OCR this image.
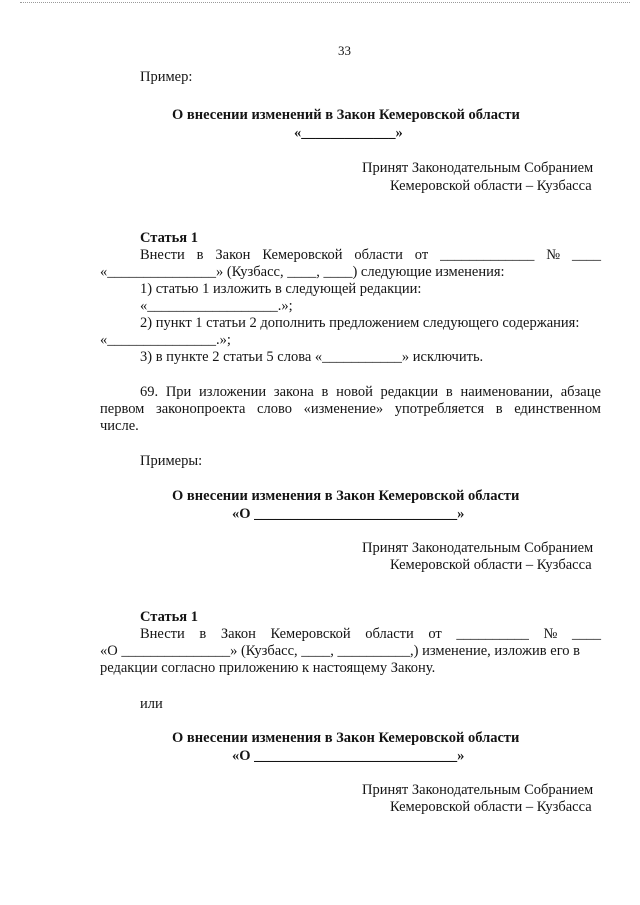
33
Пример:
О внесении изменений в Закон Кемеровской области
«_____________»
Принят Законодательным Собранием
Кемеровской области – Кузбасса
Статья 1
Внести в Закон Кемеровской области от _____________ № ____
«_______________» (Кузбасс, ____, ____) следующие изменения:
1) статью 1 изложить в следующей редакции:
«__________________.»;
2) пункт 1 статьи 2 дополнить предложением следующего содержания:
«_______________.»;
3) в пункте 2 статьи 5 слова «___________» исключить.
69. При изложении закона в новой редакции в наименовании, абзаце
первом законопроекта слово «изменение» употребляется в единственном
числе.
Примеры:
О внесении изменения в Закон Кемеровской области
«О ____________________________»
Принят Законодательным Собранием
Кемеровской области – Кузбасса
Статья 1
Внести в Закон Кемеровской области от __________ № ____
«О _______________» (Кузбасс, ____, __________,) изменение, изложив его в
редакции согласно приложению к настоящему Закону.
или
О внесении изменения в Закон Кемеровской области
«О ____________________________»
Принят Законодательным Собранием
Кемеровской области – Кузбасса
